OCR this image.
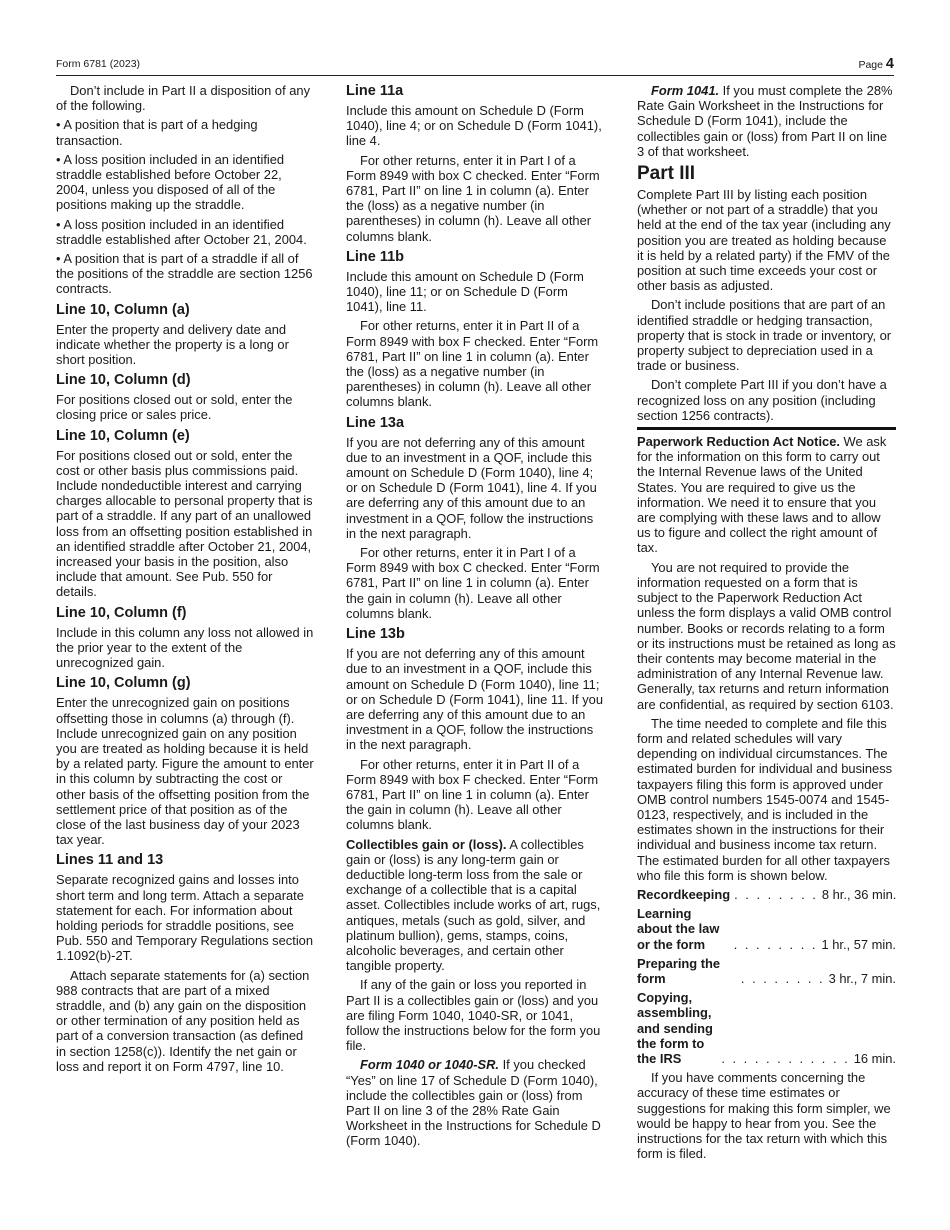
Form 6781 (2023)	Page 4

Don’t include in Part II a disposition of any of the following.

• A position that is part of a hedging transaction.

• A loss position included in an identified straddle established before October 22, 2004, unless you disposed of all of the positions making up the straddle.

• A loss position included in an identified straddle established after October 21, 2004.

• A position that is part of a straddle if all of the positions of the straddle are section 1256 contracts.

Line 10, Column (a)

Enter the property and delivery date and indicate whether the property is a long or short position.

Line 10, Column (d)

For positions closed out or sold, enter the closing price or sales price.

Line 10, Column (e)

For positions closed out or sold, enter the cost or other basis plus commissions paid. Include nondeductible interest and carrying charges allocable to personal property that is part of a straddle. If any part of an unallowed loss from an offsetting position established in an identified straddle after October 21, 2004, increased your basis in the position, also include that amount. See Pub. 550 for details.

Line 10, Column (f)

Include in this column any loss not allowed in the prior year to the extent of the unrecognized gain.

Line 10, Column (g)

Enter the unrecognized gain on positions offsetting those in columns (a) through (f). Include unrecognized gain on any position you are treated as holding because it is held by a related party. Figure the amount to enter in this column by subtracting the cost or other basis of the offsetting position from the settlement price of that position as of the close of the last business day of your 2023 tax year.

Lines 11 and 13

Separate recognized gains and losses into short term and long term. Attach a separate statement for each. For information about holding periods for straddle positions, see Pub. 550 and Temporary Regulations section 1.1092(b)-2T.

Attach separate statements for (a) section 988 contracts that are part of a mixed straddle, and (b) any gain on the disposition or other termination of any position held as part of a conversion transaction (as defined in section 1258(c)). Identify the net gain or loss and report it on Form 4797, line 10.

Line 11a

Include this amount on Schedule D (Form 1040), line 4; or on Schedule D (Form 1041), line 4.

For other returns, enter it in Part I of a Form 8949 with box C checked. Enter “Form 6781, Part II” on line 1 in column (a). Enter the (loss) as a negative number (in parentheses) in column (h). Leave all other columns blank.

Line 11b

Include this amount on Schedule D (Form 1040), line 11; or on Schedule D (Form 1041), line 11.

For other returns, enter it in Part II of a Form 8949 with box F checked. Enter “Form 6781, Part II” on line 1 in column (a). Enter the (loss) as a negative number (in parentheses) in column (h). Leave all other columns blank.

Line 13a

If you are not deferring any of this amount due to an investment in a QOF, include this amount on Schedule D (Form 1040), line 4; or on Schedule D (Form 1041), line 4. If you are deferring any of this amount due to an investment in a QOF, follow the instructions in the next paragraph.

For other returns, enter it in Part I of a Form 8949 with box C checked. Enter “Form 6781, Part II” on line 1 in column (a). Enter the gain in column (h). Leave all other columns blank.

Line 13b

If you are not deferring any of this amount due to an investment in a QOF, include this amount on Schedule D (Form 1040), line 11; or on Schedule D (Form 1041), line 11. If you are deferring any of this amount due to an investment in a QOF, follow the instructions in the next paragraph.

For other returns, enter it in Part II of a Form 8949 with box F checked. Enter “Form 6781, Part II” on line 1 in column (a). Enter the gain in column (h). Leave all other columns blank.

Collectibles gain or (loss). A collectibles gain or (loss) is any long-term gain or deductible long-term loss from the sale or exchange of a collectible that is a capital asset. Collectibles include works of art, rugs, antiques, metals (such as gold, silver, and platinum bullion), gems, stamps, coins, alcoholic beverages, and certain other tangible property.

If any of the gain or loss you reported in Part II is a collectibles gain or (loss) and you are filing Form 1040, 1040-SR, or 1041, follow the instructions below for the form you file.

Form 1040 or 1040-SR. If you checked “Yes” on line 17 of Schedule D (Form 1040), include the collectibles gain or (loss) from Part II on line 3 of the 28% Rate Gain Worksheet in the Instructions for Schedule D (Form 1040).

Form 1041. If you must complete the 28% Rate Gain Worksheet in the Instructions for Schedule D (Form 1041), include the collectibles gain or (loss) from Part II on line 3 of that worksheet.

Part III

Complete Part III by listing each position (whether or not part of a straddle) that you held at the end of the tax year (including any position you are treated as holding because it is held by a related party) if the FMV of the position at such time exceeds your cost or other basis as adjusted.

Don’t include positions that are part of an identified straddle or hedging transaction, property that is stock in trade or inventory, or property subject to depreciation used in a trade or business.

Don’t complete Part III if you don’t have a recognized loss on any position (including section 1256 contracts).

Paperwork Reduction Act Notice. We ask for the information on this form to carry out the Internal Revenue laws of the United States. You are required to give us the information. We need it to ensure that you are complying with these laws and to allow us to figure and collect the right amount of tax.

You are not required to provide the information requested on a form that is subject to the Paperwork Reduction Act unless the form displays a valid OMB control number. Books or records relating to a form or its instructions must be retained as long as their contents may become material in the administration of any Internal Revenue law. Generally, tax returns and return information are confidential, as required by section 6103.

The time needed to complete and file this form and related schedules will vary depending on individual circumstances. The estimated burden for individual and business taxpayers filing this form is approved under OMB control numbers 1545-0074 and 1545-0123, respectively, and is included in the estimates shown in the instructions for their individual and business income tax return. The estimated burden for all other taxpayers who file this form is shown below.

Recordkeeping . . . . . . . . 8 hr., 36 min.
Learning about the law or the form	. . . . . . . . 1 hr., 57 min.
Preparing the form	. . . . . . . . 3 hr., 7 min.
Copying, assembling, and sending the form to the IRS	. . . . . . . . . . . . 16 min.

If you have comments concerning the accuracy of these time estimates or suggestions for making this form simpler, we would be happy to hear from you. See the instructions for the tax return with which this form is filed.
